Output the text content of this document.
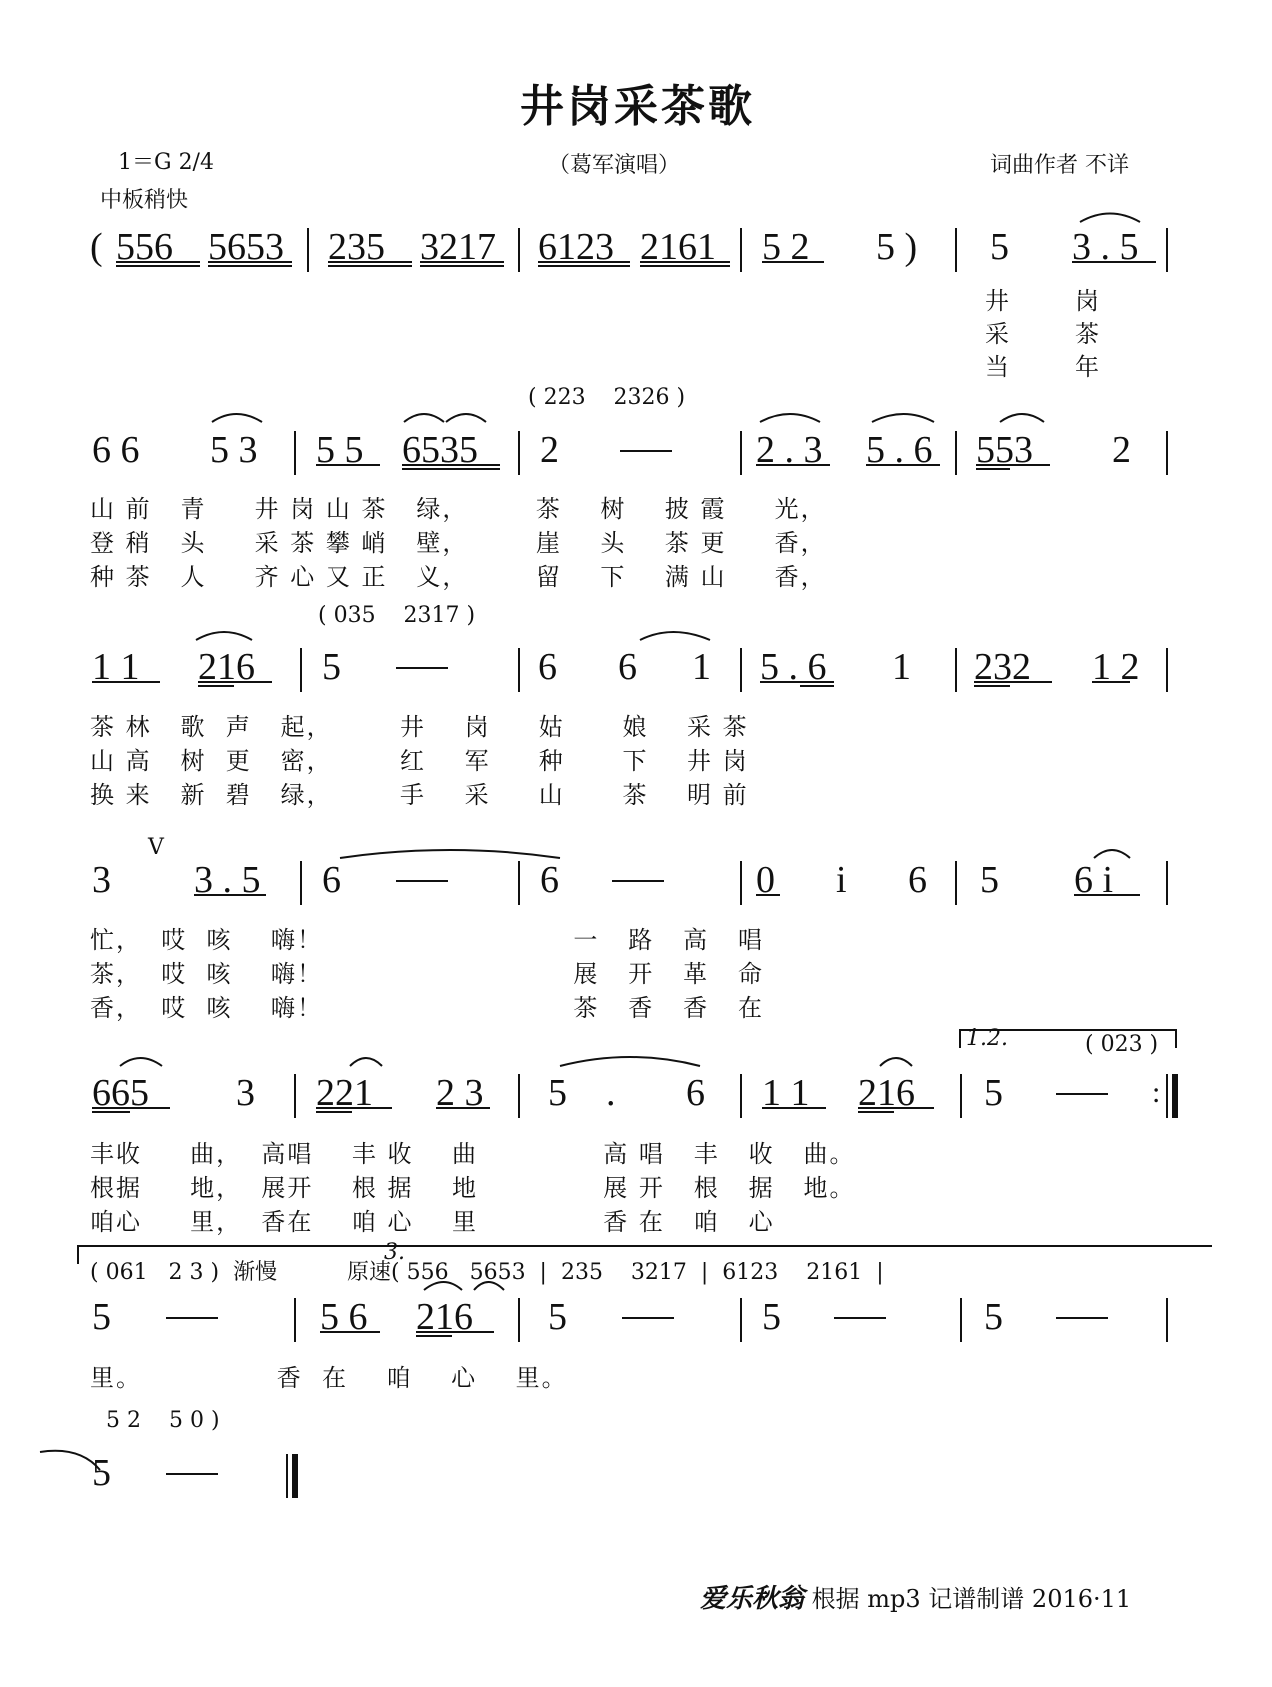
井岗采茶歌
1＝G 2/4	（葛军演唱）	词曲作者 不详
中板稍快
( 556 5653 235 3217 6123 2161 5 2 5 ) 5 3 . 5
井	岗
采	茶
当	年
( 223    2326 )
6 6 5 3 5 5 6535 2	2 . 3 5 . 6 553 2
山 前   青     井 岗 山 茶   绿，       茶    树    披 霞     光，
登 稍   头     采 茶 攀 峭   壁，       崖    头    茶 更     香，
种 茶   人     齐 心 又 正   义，       留    下    满 山     香，
( 035    2317 )
1 1 216 5	6 6 1 5 . 6 1 232 1 2
茶 林   歌  声   起，       井    岗     姑      娘    采 茶
山 高   树  更   密，       红    军     种      下    井 岗
换 来   新  碧   绿，       手    采     山      茶    明 前
3 3 . 5 6	6	0 i 6 5 6 i
V
忙，  哎  咳    嗨！                          一   路   高   唱
茶，  哎  咳    嗨！                          展   开   革   命
香，  哎  咳    嗨！                          茶   香   香   在
1.2.	( 023 )
665 3 221 2 3 5 . 6 1 1 216 5	:
丰收     曲，  高唱    丰 收    曲             高 唱   丰   收   曲。
根据     地，  展开    根 据    地             展 开   根   据   地。
咱心     里，  香在    咱 心    里             香 在   咱   心
3.
( 061   2 3 )  渐慢          原速( 556   5653  |  235    3217  |  6123    2161  |
5	5 6 216 5	5	5
里。              香  在    咱    心    里。
5 2    5 0 )
5
爱乐秋翁 根据 mp3 记谱制谱 2016·11
